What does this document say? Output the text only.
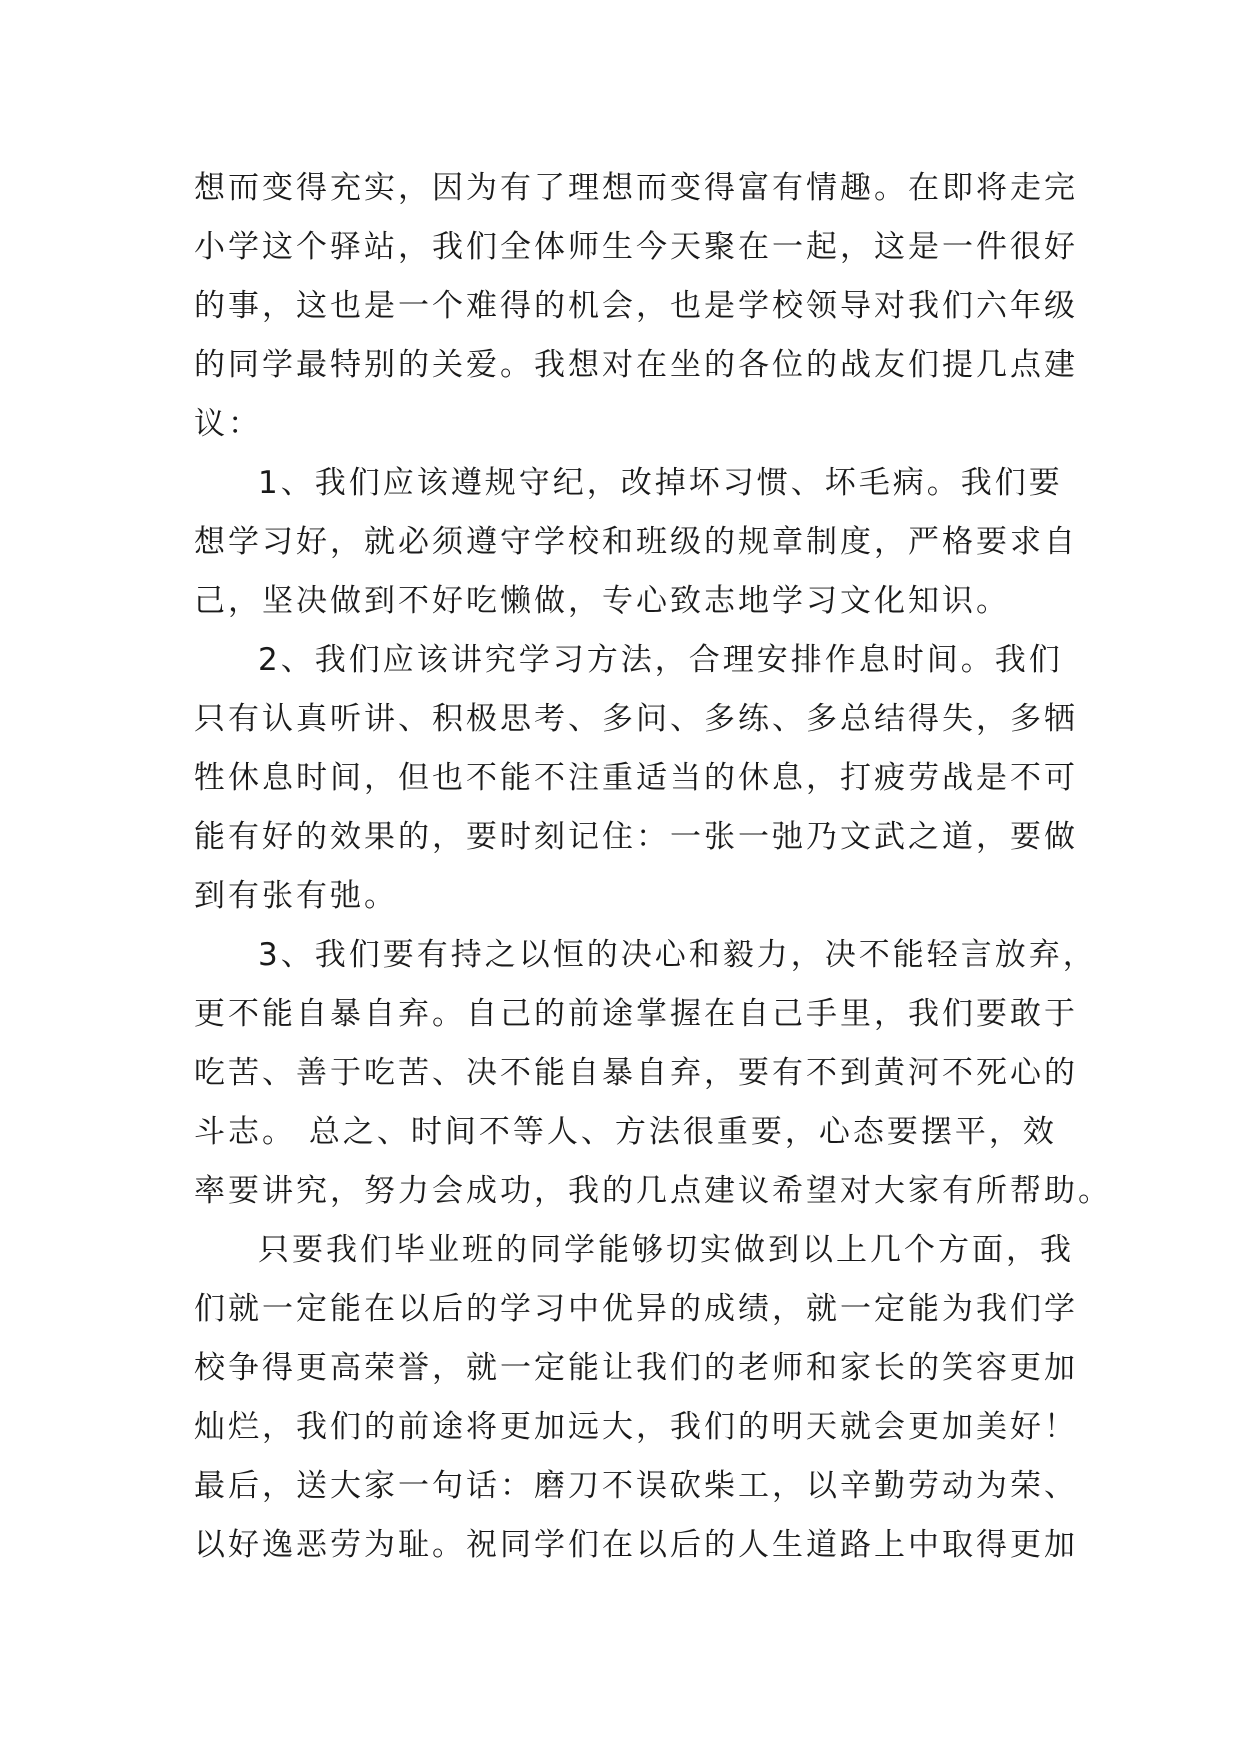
想而变得充实，因为有了理想而变得富有情趣。在即将走完
小学这个驿站，我们全体师生今天聚在一起，这是一件很好
的事，这也是一个难得的机会，也是学校领导对我们六年级
的同学最特别的关爱。我想对在坐的各位的战友们提几点建
议：
1、我们应该遵规守纪，改掉坏习惯、坏毛病。我们要
想学习好，就必须遵守学校和班级的规章制度，严格要求自
己，坚决做到不好吃懒做，专心致志地学习文化知识。
2、我们应该讲究学习方法，合理安排作息时间。我们
只有认真听讲、积极思考、多问、多练、多总结得失，多牺
牲休息时间，但也不能不注重适当的休息，打疲劳战是不可
能有好的效果的，要时刻记住：一张一弛乃文武之道，要做
到有张有弛。
3、我们要有持之以恒的决心和毅力，决不能轻言放弃，
更不能自暴自弃。自己的前途掌握在自己手里，我们要敢于
吃苦、善于吃苦、决不能自暴自弃，要有不到黄河不死心的
斗志。 总之、时间不等人、方法很重要，心态要摆平，效
率要讲究，努力会成功，我的几点建议希望对大家有所帮助。
只要我们毕业班的同学能够切实做到以上几个方面，我
们就一定能在以后的学习中优异的成绩，就一定能为我们学
校争得更高荣誉，就一定能让我们的老师和家长的笑容更加
灿烂，我们的前途将更加远大，我们的明天就会更加美好！
最后，送大家一句话：磨刀不误砍柴工，以辛勤劳动为荣、
以好逸恶劳为耻。祝同学们在以后的人生道路上中取得更加
